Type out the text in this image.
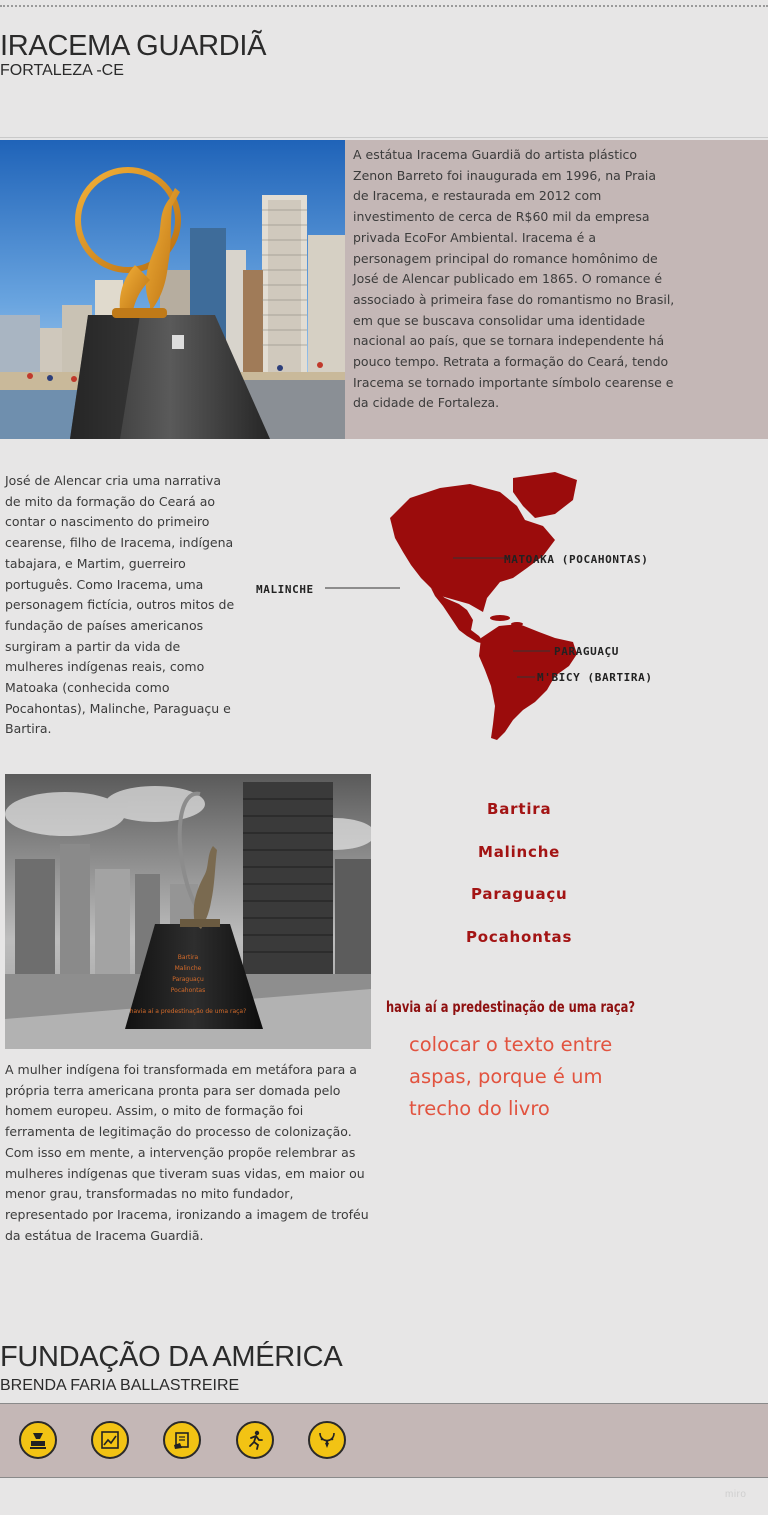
IRACEMA GUARDIÃ
FORTALEZA -CE
A estátua Iracema Guardiã do artista plástico Zenon Barreto foi inaugurada em 1996, na Praia de Iracema, e restaurada em 2012 com investimento de cerca de R$60 mil da empresa privada EcoFor Ambiental. Iracema é a personagem principal do romance homônimo de José de Alencar publicado em 1865. O romance é associado à primeira fase do romantismo no Brasil, em que se buscava consolidar uma identidade nacional ao país, que se tornara independente há pouco tempo. Retrata a formação do Ceará, tendo Iracema se tornado importante símbolo cearense e da cidade de Fortaleza.
José de Alencar cria uma narrativa de mito da formação do Ceará ao contar o nascimento do primeiro cearense, filho de Iracema, indígena tabajara, e Martim, guerreiro português. Como Iracema, uma personagem fictícia, outros mitos de fundação de países americanos surgiram a partir da vida de mulheres indígenas reais, como Matoaka (conhecida como Pocahontas), Malinche, Paraguaçu e Bartira.
MATOAKA (POCAHONTAS)
MALINCHE
PARAGUAÇU
M'BICY (BARTIRA)
Bartira
Malinche
Paraguaçu
Pocahontas
havia aí a predestinação de uma raça?
Bartira
Malinche
Paraguaçu
Pocahontas
havia aí a predestinação de uma raça?
colocar o texto entre aspas, porque é um trecho do livro
A mulher indígena foi transformada em metáfora para a própria terra americana pronta para ser domada pelo homem europeu. Assim, o mito de formação foi ferramenta de legitimação do processo de colonização. Com isso em mente, a intervenção propõe relembrar as mulheres indígenas que tiveram suas vidas, em maior ou menor grau, transformadas no mito fundador, representado por Iracema, ironizando a imagem de troféu da estátua de Iracema Guardiã.
FUNDAÇÃO DA AMÉRICA
BRENDA FARIA BALLASTREIRE
miro
